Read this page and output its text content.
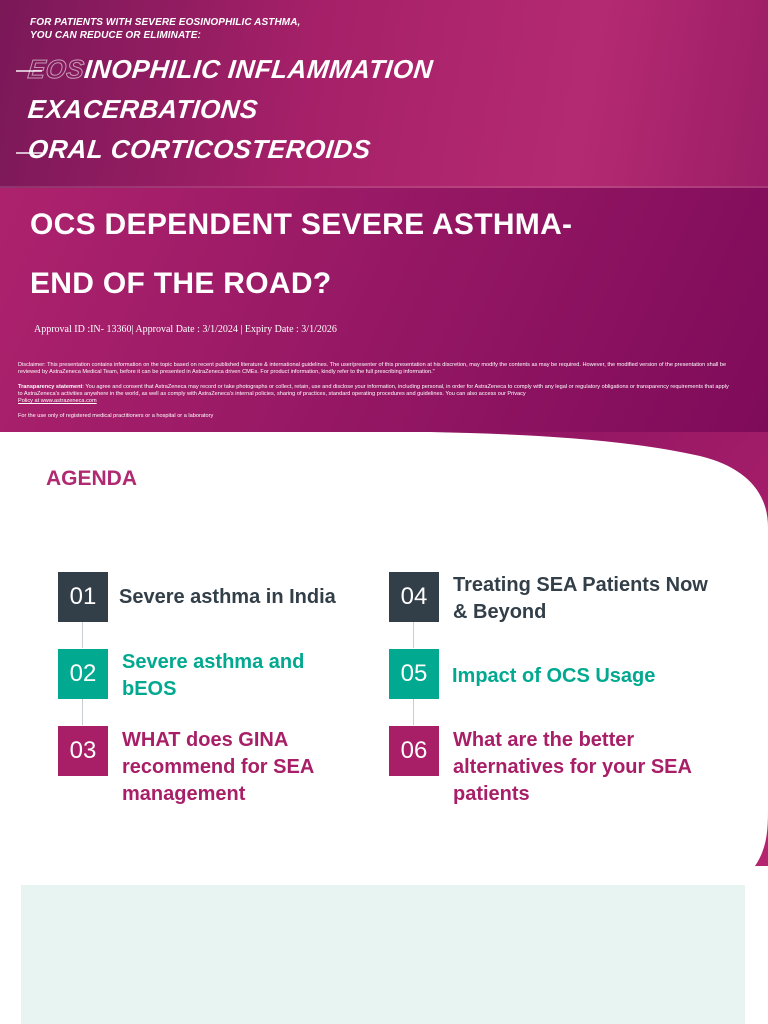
FOR PATIENTS WITH SEVERE EOSINOPHILIC ASTHMA,
YOU CAN REDUCE OR ELIMINATE:
EOSINOPHILIC INFLAMMATION
EXACERBATIONS
ORAL CORTICOSTEROIDS
OCS DEPENDENT SEVERE ASTHMA-
END OF THE ROAD?
Approval ID :IN- 13360| Approval Date : 3/1/2024 | Expiry Date : 3/1/2026
Disclaimer: This presentation contains information on the topic based on recent published literature & international guidelines. The user/presenter of this presentation at his discretion, may modify the contents as may be required. However, the modified version of the presentation shall be reviewed by AstraZeneca Medical Team, before it can be presented in AstraZeneca driven CMEs. For product information, kindly refer to the full prescribing information."
Transparency statement: You agree and consent that AstraZeneca may record or take photographs or collect, retain, use and disclose your information, including personal, in order for AstraZeneca to comply with any legal or regulatory obligations or transparency requirements that apply to AstraZeneca's activities anywhere in the world, as well as comply with AstraZeneca's internal policies, sharing of practices, standard operating procedures and guidelines. You can also access our Privacy
Policy at www.astrazeneca.com
For the use only of registered medical practitioners or a hospital or a laboratory
AGENDA
01	Severe asthma in India
02	Severe asthma and
bEOS
03	WHAT does GINA
recommend for SEA
management
04	Treating SEA Patients Now
& Beyond
05	Impact of OCS Usage
06	What are the better
alternatives for your SEA
patients
